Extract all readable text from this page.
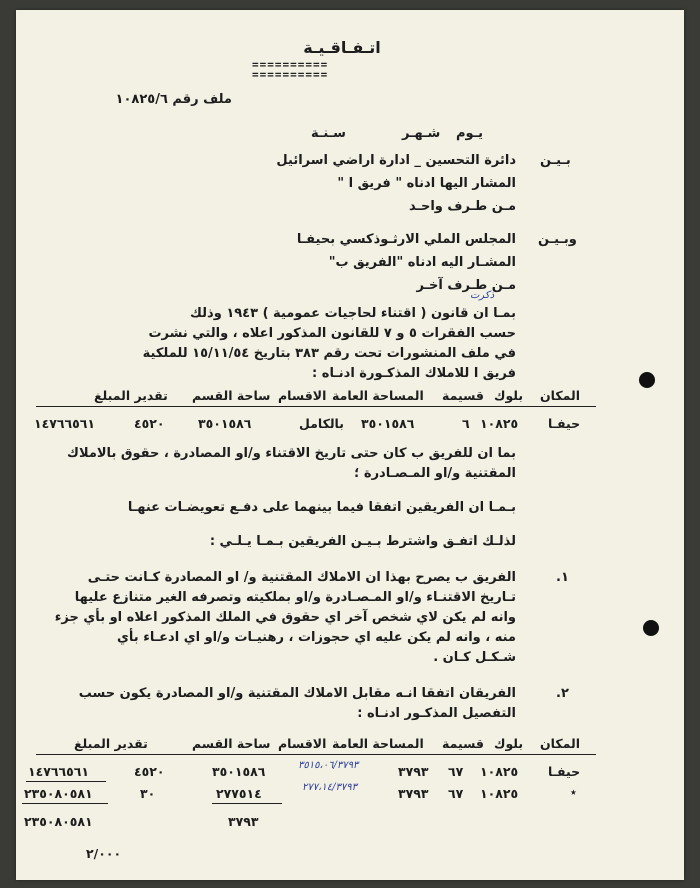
اتـفـاقـيـة
==========
==========
ملف رقم ١٠٨٢٥/٦
يـوم
شـهـر
سـنـة
بـيـن
دائرة التحسين _ ادارة اراضي اسرائيل
المشار اليها ادناه " فريق ا "
مـن طـرف واحـد
وبـيـن
المجلس الملي الارثـوذكسي بحيفـا
المشـار اليه ادناه "الفريق ب"
مـن طـرف آخـر
ذكرت
بمـا ان قانون ( اقتناء لحاجيات عمومية ) ١٩٤٣ وذلك
حسب الفقرات ٥ و ٧ للقانون المذكور اعلاه ، والتي نشرت
في ملف المنشورات تحت رقم ٣٨٣ بتاريخ ١٥/١١/٥٤ للملكية
فريق ا للاملاك المذكـورة ادنـاه :
المكان
بلوك
قسيمة
المساحة العامة
الاقسام
ساحة القسم
تقدير المبلغ
حيفـا
١٠٨٢٥
٦
٣٥٠١٥٨٦
بالكامل
٣٥٠١٥٨٦
٤٥٢٠
١٤٧٦٦٥٦١
بما ان للفريق ب كان حتى تاريخ الاقتناء و/او المصادرة ، حقوق بالاملاك
المقتنية و/او المـصـادرة ؛
بـمـا ان الفريقين اتفقا فيما بينهما على دفـع تعويضـات عنهـا
لذلـك اتفـق واشترط بـيـن الفريقين بـمـا يـلـي :
١.
الفريق ب يصرح بهذا ان الاملاك المقتنية و/ او المصادرة كـانت حتـى
تـاريخ الاقتنـاء و/او المـصـادرة و/او بملكيته وتصرفه الغير متنازع عليها
وانه لم يكن لاي شخص آخر اي حقوق في الملك المذكور اعلاه او بأي جزء
منه ، وانه لم يكن عليه اي حجوزات ، رهنيـات و/او اي ادعـاء بأي
شـكـل كـان .
٢.
الفريقان اتفقا انـه مقابل الاملاك المقتنية و/او المصادرة يكون حسب
التفصيل المذكـور ادنـاه :
المكان
بلوك
قسيمة
المساحة العامة
الاقسام
ساحة القسم
تقدير المبلغ
حيفـا
١٠٨٢٥
٦٧
٣٧٩٣
٣٥١٥،٠٦/٣٧٩٣
٣٥٠١٥٨٦
٤٥٢٠
١٤٧٦٦٥٦١
٭
١٠٨٢٥
٦٧
٣٧٩٣
٢٧٧،١٤/٣٧٩٣
٢٧٧٥١٤
٣٠
٢٣٥٠٨٠٥٨١
٣٧٩٣
٢٣٥٠٨٠٥٨١
٢/٠٠٠
